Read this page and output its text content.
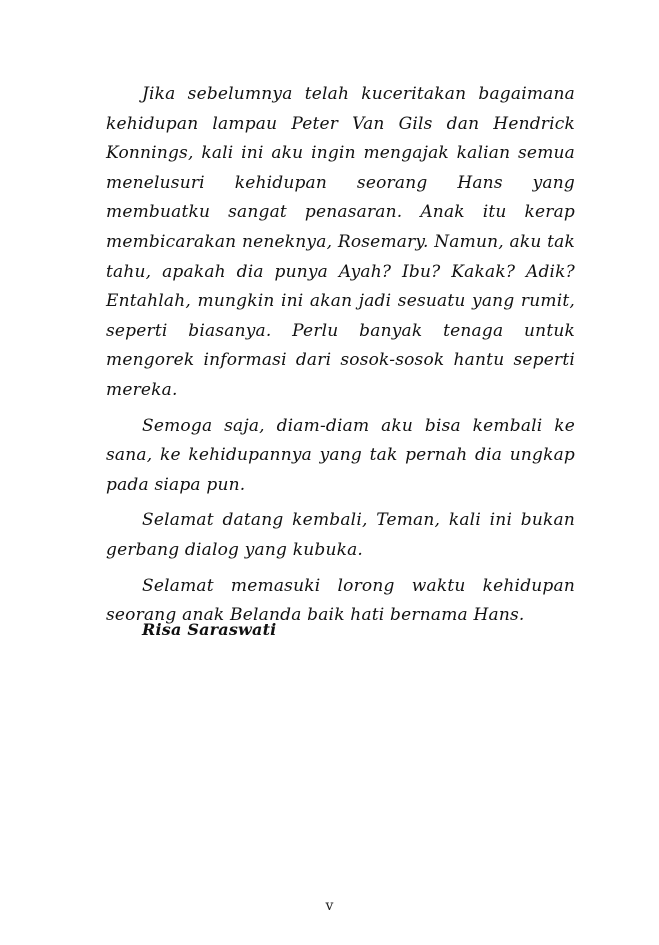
Jika sebelumnya telah kuceritakan bagaimana kehidupan lampau Peter Van Gils dan Hendrick Konnings, kali ini aku ingin mengajak kalian semua menelusuri kehidupan seorang Hans yang membuatku sangat penasaran. Anak itu kerap membicarakan neneknya, Rosemary. Namun, aku tak tahu, apakah dia punya Ayah? Ibu? Kakak? Adik? Entahlah, mungkin ini akan jadi sesuatu yang rumit, seperti biasanya. Perlu banyak tenaga untuk mengorek informasi dari sosok-sosok hantu seperti mereka.

Semoga saja, diam-diam aku bisa kembali ke sana, ke kehidupannya yang tak pernah dia ungkap pada siapa pun.

Selamat datang kembali, Teman, kali ini bukan gerbang dialog yang kubuka.

Selamat memasuki lorong waktu kehidupan seorang anak Belanda baik hati bernama Hans.

Risa Saraswati
v
